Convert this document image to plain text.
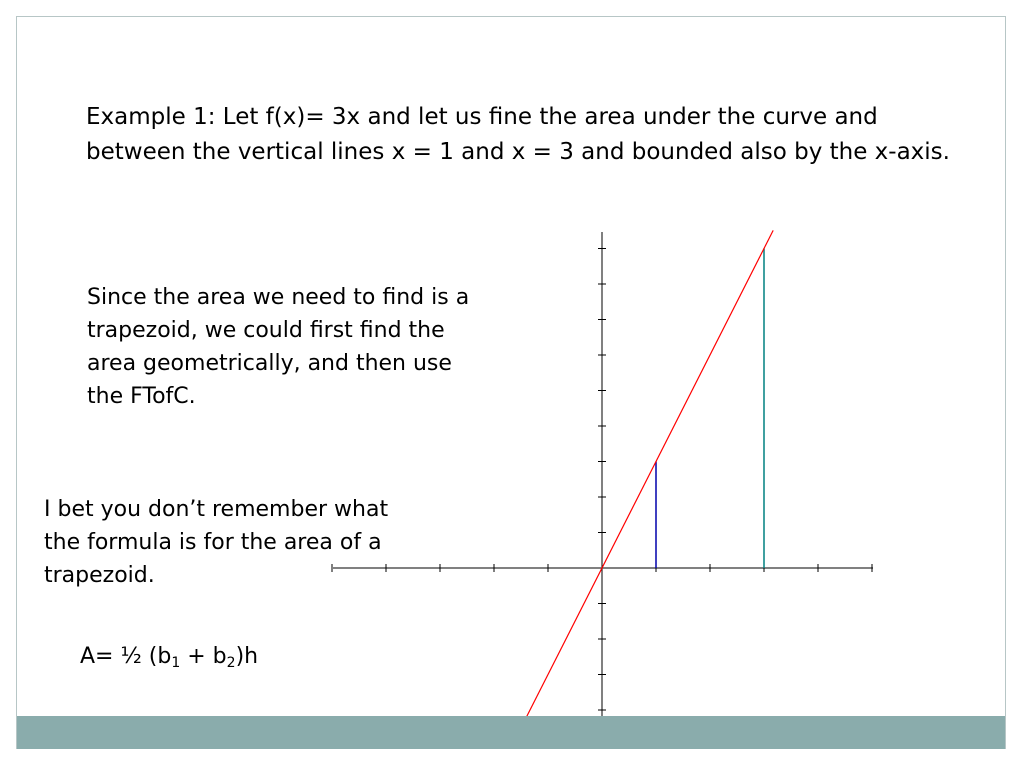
Example 1: Let f(x)= 3x and let us fine the area under the curve and between the vertical lines x = 1 and x = 3 and bounded also by the x-axis.
Since the area we need to find is a trapezoid, we could first find the area geometrically, and then use the FTofC.
I bet you don’t remember what the formula is for the area of a trapezoid.
A= ½ $(b_1 + b_2)h$
